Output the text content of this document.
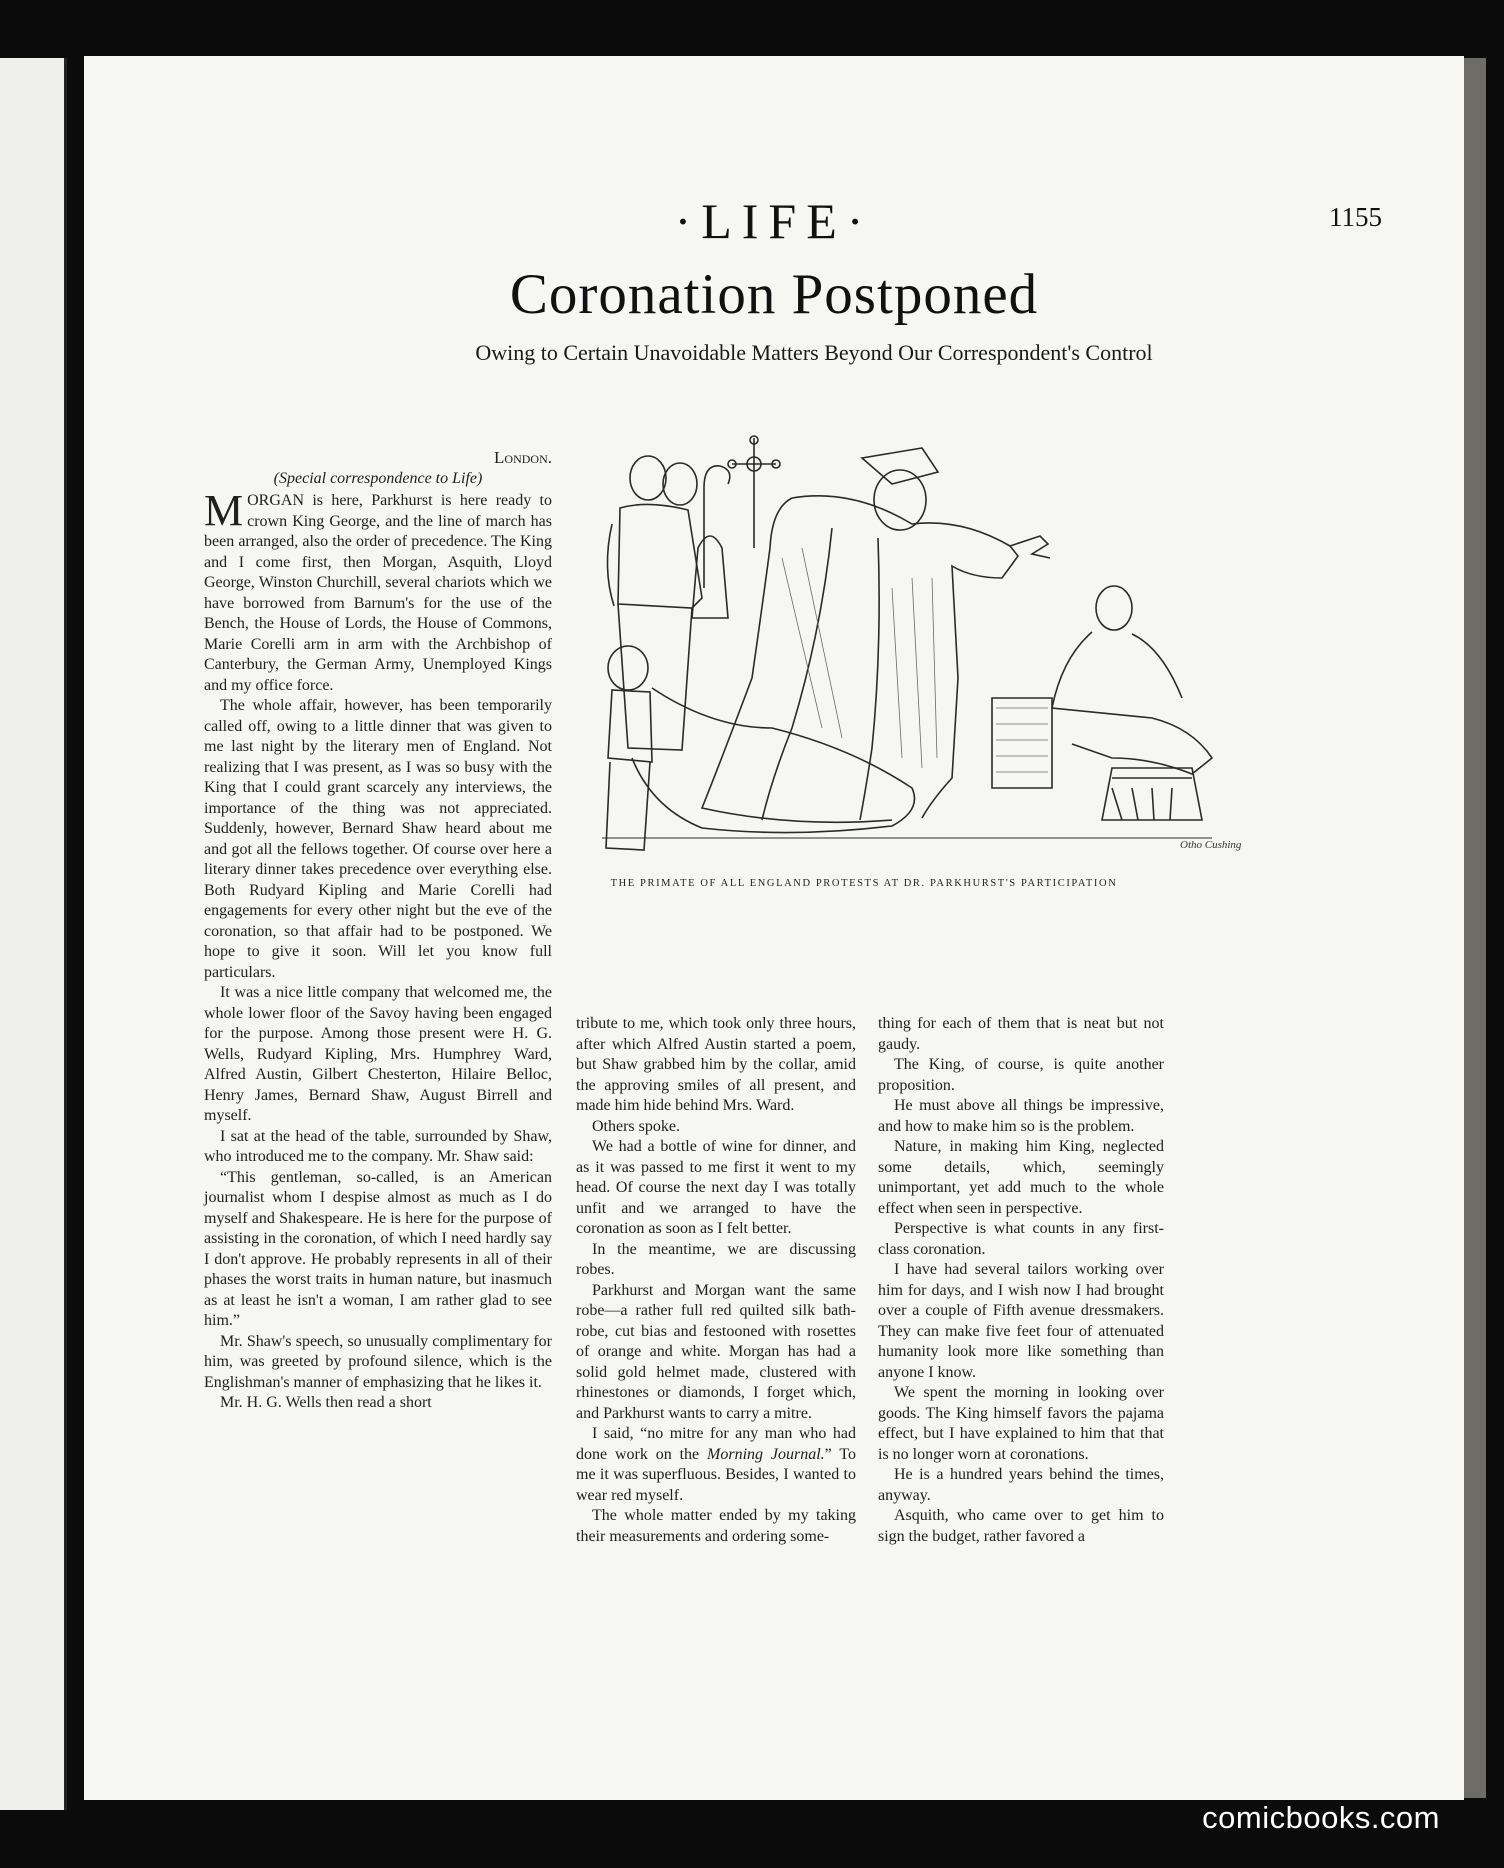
·LIFE·	1155
Coronation Postponed
Owing to Certain Unavoidable Matters Beyond Our Correspondent's Control

London.

(Special correspondence to Life)

MORGAN is here, Parkhurst is here ready to crown King George, and the line of march has been arranged, also the order of precedence. The King and I come first, then Morgan, Asquith, Lloyd George, Winston Churchill, several chariots which we have borrowed from Barnum's for the use of the Bench, the House of Lords, the House of Commons, Marie Corelli arm in arm with the Archbishop of Canterbury, the German Army, Unemployed Kings and my office force.

The whole affair, however, has been temporarily called off, owing to a little dinner that was given to me last night by the literary men of England. Not realizing that I was present, as I was so busy with the King that I could grant scarcely any interviews, the importance of the thing was not appreciated. Suddenly, however, Bernard Shaw heard about me and got all the fellows together. Of course over here a literary dinner takes precedence over everything else. Both Rudyard Kipling and Marie Corelli had engagements for every other night but the eve of the coronation, so that affair had to be postponed. We hope to give it soon. Will let you know full particulars.

It was a nice little company that welcomed me, the whole lower floor of the Savoy having been engaged for the purpose. Among those present were H. G. Wells, Rudyard Kipling, Mrs. Humphrey Ward, Alfred Austin, Gilbert Chesterton, Hilaire Belloc, Henry James, Bernard Shaw, August Birrell and myself.

I sat at the head of the table, surrounded by Shaw, who introduced me to the company. Mr. Shaw said:

“This gentleman, so-called, is an American journalist whom I despise almost as much as I do myself and Shakespeare. He is here for the purpose of assisting in the coronation, of which I need hardly say I don't approve. He probably represents in all of their phases the worst traits in human nature, but inasmuch as at least he isn't a woman, I am rather glad to see him.”

Mr. Shaw's speech, so unusually complimentary for him, was greeted by profound silence, which is the Englishman's manner of emphasizing that he likes it.

Mr. H. G. Wells then read a short

Otho Cushing
THE PRIMATE OF ALL ENGLAND PROTESTS AT DR. PARKHURST'S PARTICIPATION

tribute to me, which took only three hours, after which Alfred Austin started a poem, but Shaw grabbed him by the collar, amid the approving smiles of all present, and made him hide behind Mrs. Ward.

Others spoke.

We had a bottle of wine for dinner, and as it was passed to me first it went to my head. Of course the next day I was totally unfit and we arranged to have the coronation as soon as I felt better.

In the meantime, we are discussing robes.

Parkhurst and Morgan want the same robe—a rather full red quilted silk bath-robe, cut bias and festooned with rosettes of orange and white. Morgan has had a solid gold helmet made, clustered with rhinestones or diamonds, I forget which, and Parkhurst wants to carry a mitre.

I said, “no mitre for any man who had done work on the Morning Journal.” To me it was superfluous. Besides, I wanted to wear red myself.

The whole matter ended by my taking their measurements and ordering some-

thing for each of them that is neat but not gaudy.

The King, of course, is quite another proposition.

He must above all things be impressive, and how to make him so is the problem.

Nature, in making him King, neglected some details, which, seemingly unimportant, yet add much to the whole effect when seen in perspective.

Perspective is what counts in any first-class coronation.

I have had several tailors working over him for days, and I wish now I had brought over a couple of Fifth avenue dressmakers. They can make five feet four of attenuated humanity look more like something than anyone I know.

We spent the morning in looking over goods. The King himself favors the pajama effect, but I have explained to him that that is no longer worn at coronations.

He is a hundred years behind the times, anyway.

Asquith, who came over to get him to sign the budget, rather favored a

comicbooks.com
